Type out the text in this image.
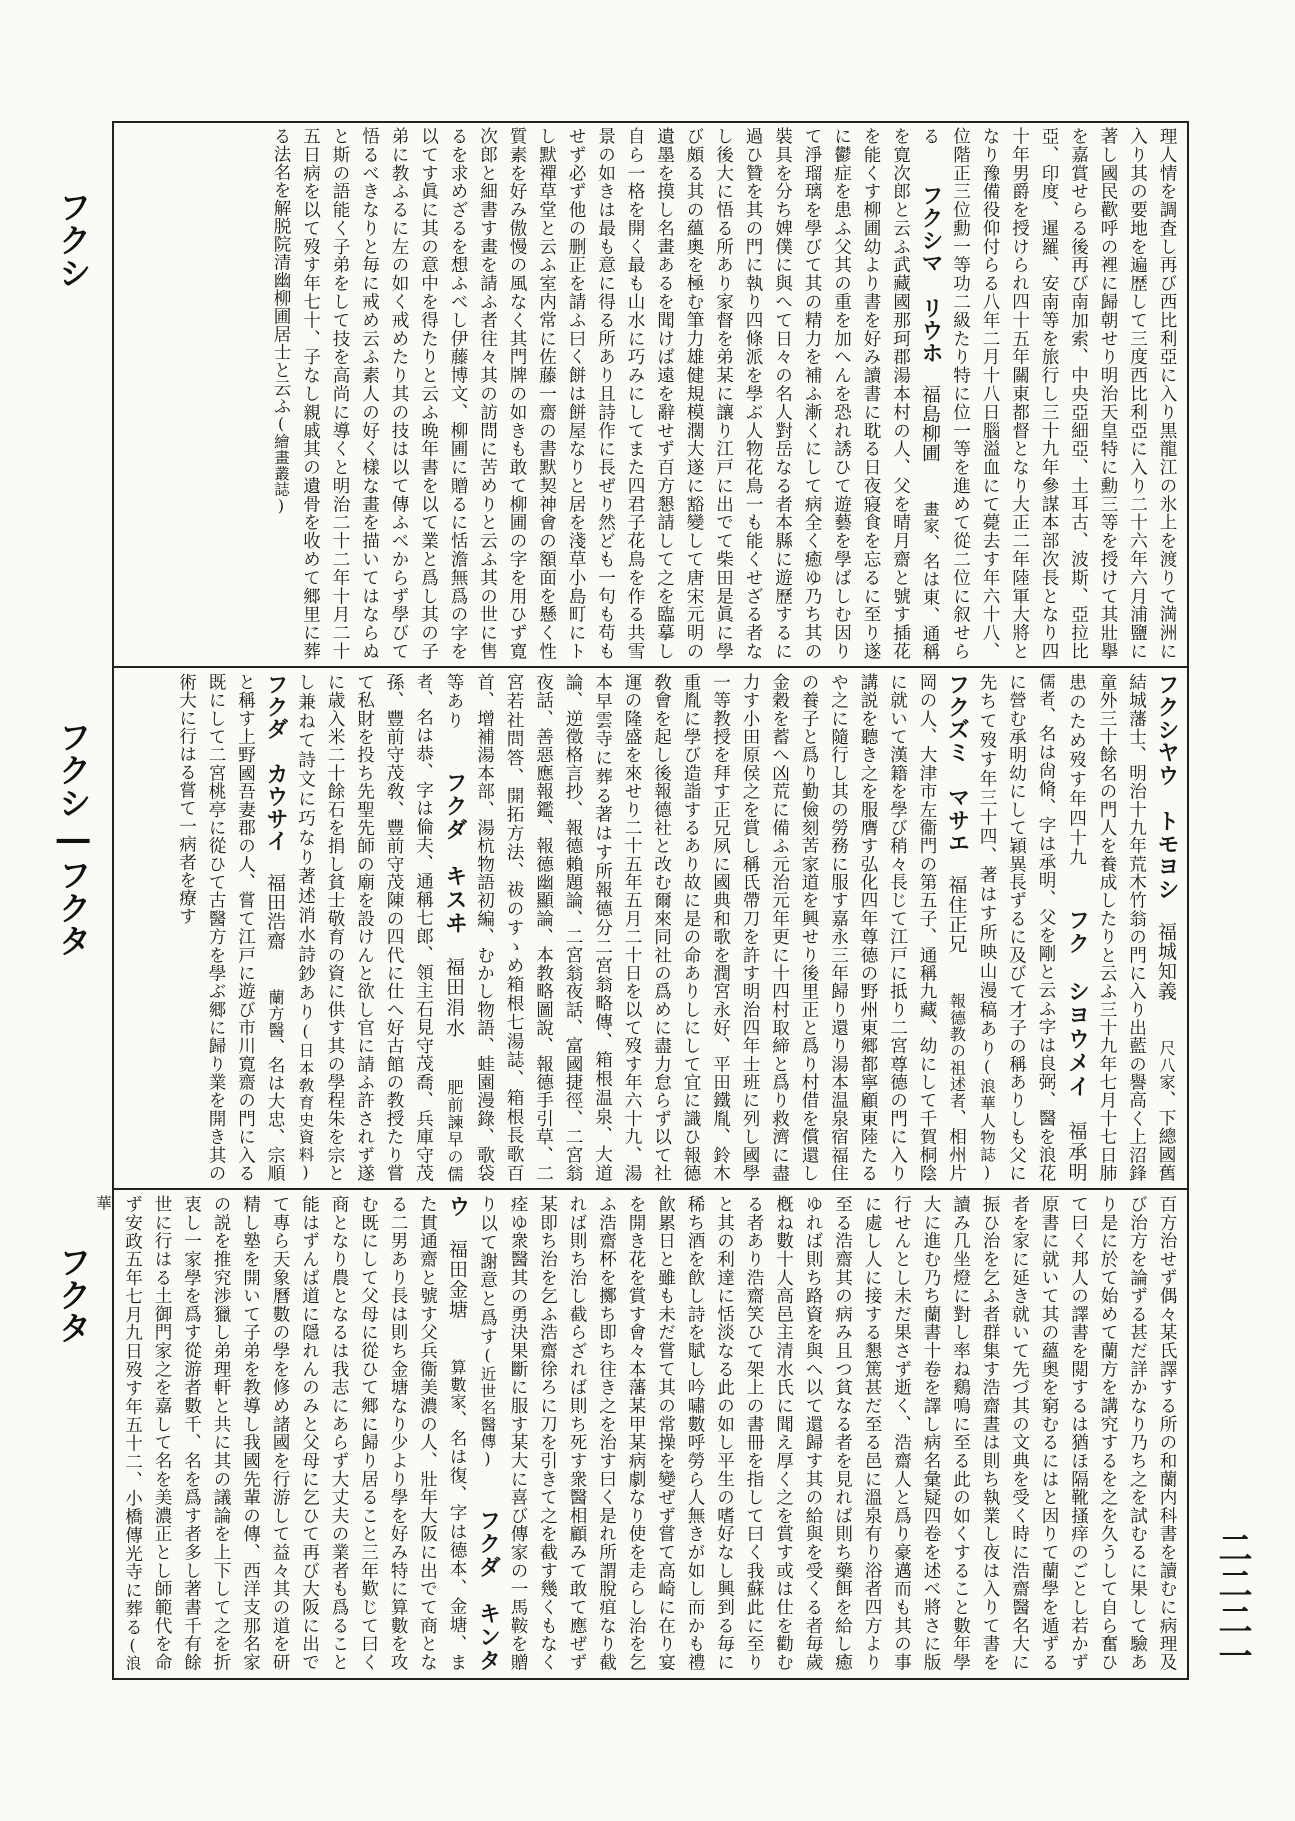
フクシ
フクシ―フクタ
フクタ
二二二一
理人情を調査し再び西比利亞に入り黒龍江の氷上を渡りて満洲に入り其の要地を遍歴して三度西比利亞に入り二十六年六月浦鹽に著し國民歡呼の裡に歸朝せり明治天皇特に勳三等を授けて其壯擧を嘉賞せらる後再び南加索、中央亞細亞、土耳古、波斯、亞拉比亞、印度、暹羅、安南等を旅行し三十九年參謀本部次長となり四十年男爵を授けられ四十五年關東都督となり大正二年陸軍大將となり豫備役仰付らる八年二月十八日腦溢血にて薨去す年六十八、位階正三位勳一等功二級たり特に位一等を進めて從二位に叙せらる 　フクシマ　リウホ 福島柳圃 　畫家、名は東、通稱を寛次郎と云ふ武藏國那珂郡湯本村の人、父を晴月齋と號す插花を能くす柳圃幼より書を好み讀書に耽る日夜寢食を忘るに至り遂に鬱症を患ふ父其の重を加へんを恐れ誘ひて遊藝を學ばしむ因りて淨瑠璃を學びて其の精力を補ふ漸くにして病全く癒ゆ乃ち其の裝具を分ち婢僕に與へて日々の名人對岳なる者本縣に遊歷するに過ひ贊を其の門に執り四條派を學ぶ人物花鳥一も能くせざる者なし後大に悟る所あり家督を弟某に讓り江戸に出でて柴田是眞に學び頗る其の蘊奧を極む筆力雄健規模濶大遂に豁變して唐宋元明の遺墨を摸し名畫あるを聞けば遠を辭せず百方懇請して之を臨摹し自ら一格を開く最も山水に巧みにしてまた四君子花鳥を作る共雪景の如きは最も意に得る所あり且詩作に長ぜり然ども一句も苟もせず必ず他の删正を請ふ曰く餅は餅屋なりと居を淺草小島町にトし默禪草堂と云ふ室内常に佐藤一齋の書默契神會の額面を懸く性質素を好み傲慢の風なく其門牌の如きも敢て柳圃の字を用ひず寛次郎と細書す畫を請ふ者往々其の訪問に苦めりと云ふ其の世に售るを求めざるを想ふべし伊藤博文、柳圃に贈るに恬澹無爲の字を以てす眞に其の意中を得たりと云ふ晩年書を以て業と爲し其の子弟に教ふるに左の如く戒めたり其の技は以て傳ふべからず學びて悟るべきなりと毎に戒め云ふ素人の好く樣な畫を描いてはならぬと斯の語能く子弟をして技を高尚に導くと明治二十二年十月二十五日病を以て歿す年七十、子なし親戚其の遺骨を收めて郷里に葬る法名を解脱院清幽柳圃居士と云ふ(繪畫叢誌)
フクシヤウ　トモヨシ 福城知義 　尺八家、下總國舊結城藩士、明治十九年荒木竹翁の門に入り出藍の譽高く上沼鋒童外三十餘名の門人を養成したりと云ふ三十九年七月十七日肺患のため歿す年四十九 　フク　シヨウメイ 福承明 　儒者、名は尙脩、字は承明、父を剛と云ふ字は良弼、醫を浪花に營む承明幼にして穎異長ずるに及びて才子の稱ありしも父に先ちて歿す年三十四、著はす所映山漫稿あり(浪華人物誌) 　フクズミ　マサエ 福住正兄 　報德教の祖述者、相州片岡の人、大津市左衞門の第五子、通稱九藏、幼にして千賀桐陰に就いて漢籍を學び稍々長じて江戸に抵り二宮尊德の門に入り講説を聽き之を服膺す弘化四年尊德の野州東郷都寧顧東陸たるや之に隨行し其の勞務に服す嘉永三年歸り還り湯本温泉宿福住の養子と爲り勤儉刻苦家道を興せり後里正と爲り村借を償還し金穀を蓄へ凶荒に備ふ元治元年更に十四村取締と爲り救濟に盡力す小田原侯之を賞し稱氏帶刀を許す明治四年士班に列し國學一等教授を拜す正兄夙に國典和歌を潤宮永好、平田鐵胤、鈴木重胤に學び造詣するあり故に是の命ありしにして宜に識ひ報德敎會を起し後報德社と改む爾來同社の爲めに盡力怠らず以て社運の隆盛を來せり二十五年五月二十日を以て歿す年六十九、湯本早雲寺に葬る著はす所報德分二宮翁略傳、箱根温泉、大道論、逆徵格言抄、報德賴題論、二宮翁夜話、富國捷徑、二宮翁夜話、善惡應報鑑、報德幽顯論、本教略圖說、報德手引草、二宮若社問答、開拓方法、祓のすゝめ箱根七湯誌、箱根長歌百首、增補湯本部、湯杭物語初編、むかし物語、蛙園漫錄、歌袋等あり 　フクダ　キスヰ 福田涓水 　肥前諫早の儒者、名は恭、字は倫夫、通稱七郎、領主石見守茂喬、兵庫守茂孫、豐前守茂敎、豐前守茂陳の四代に仕へ好古館の教授たり嘗て私財を投ち先聖先師の廟を設けんと欲し官に請ふ許されず遂に歳入米二十餘石を捐し貧士敬育の資に供す其の學程朱を宗とし兼ねて詩文に巧なり著述消水詩鈔あり(日本敎育史資料) 　フクダ　カウサイ 福田浩齋 　蘭方醫、名は大忠、宗順と稱す上野國吾妻郡の人、嘗て江戸に遊び市川寛齋の門に入る既にして二宮桃亭に從ひて古醫方を學ぶ郷に歸り業を開き其の術大に行はる嘗て一病者を療す
百方治せず偶々某氏譯する所の和蘭内科書を讀むに病理及び治方を論ずる甚だ詳かなり乃ち之を試むるに果して驗あり是に於て始めて蘭方を講究するを之を久うして自ら奮ひて曰く邦人の譯書を閲するは猶ほ隔靴搔痒のごとし若かず原書に就いて其の蘊奥を窮むるにはと因りて蘭學を遁ずる者を家に延き就いて先づ其の文典を受く時に浩齋醫名大に振ひ治を乞ふ者群集す浩齋晝は則ち執業し夜は入りて書を讀み几坐燈に對し率ね鷄鳴に至る此の如くすること數年學大に進む乃ち蘭書十卷を譯し病名彙疑四卷を述べ將さに版行せんとし未だ果さず逝く、浩齋人と爲り豪邁而も其の事に處し人に接する懇篤甚だ至る邑に溫泉有り浴者四方より至る浩齋其の病み且つ貧なる者を見れば則ち藥餌を給し癒ゆれば則ち路資を與へ以て還歸す其の給與を受くる者毎歲槪ね數十人高邑主清水氏に聞え厚く之を賞す或は仕を勸むる者あり浩齋笑ひて架上の書冊を指して曰く我蘇此に至りと其の利達に恬淡なる此の如し平生の嗜好なし興到る毎に稀ち酒を飮し詩を賦し吟嘯數呼勞ら人無きが如し而かも禮飮累日と雖も未だ嘗て其の常操を變ぜず嘗て高崎に在り宴を開き花を賞す會々本藩某甲某病劇なり使を走らし治を乞ふ浩齋杯を擲ち即ち往き之を治す曰く是れ所謂脫疽なり截れば則ち治し截らざれば則ち死す衆醫相顧みて敢て應ぜず某即ち治を乞ふ浩齋徐ろに刀を引きて之を截す幾くもなく痊ゆ衆醫其の勇決果斷に服す某大に喜び傳家の一馬鞍を贈り以て謝意と爲す(近世名醫傳) 　フクダ　キンタウ 福田金塘 　算數家、名は復、字は德本、金塘、また貫通齋と號す父兵衞美濃の人、壯年大阪に出でて商となる二男あり長は則ち金塘なり少より學を好み特に算數を攻む既にして父母に從ひて郷に歸り居ること三年歎じて曰く商となり農となるは我志にあらず大丈夫の業者も爲ること能はずんば道に隱れんのみと父母に乞ひて再び大阪に出でて專ら天象曆數の學を修め諸國を行游して益々其の道を研精し塾を開いて子弟を教導し我國先輩の傳、西洋支那名家の説を推究渉獵し弟理軒と共に其の議論を上下して之を折衷し一家學を爲す從游者數千、名を爲す者多し著書千有餘世に行はる土御門家之を嘉して名を美濃正とし師範代を命ず安政五年七月九日歿す年五十二、小橋傳光寺に葬る(浪華
